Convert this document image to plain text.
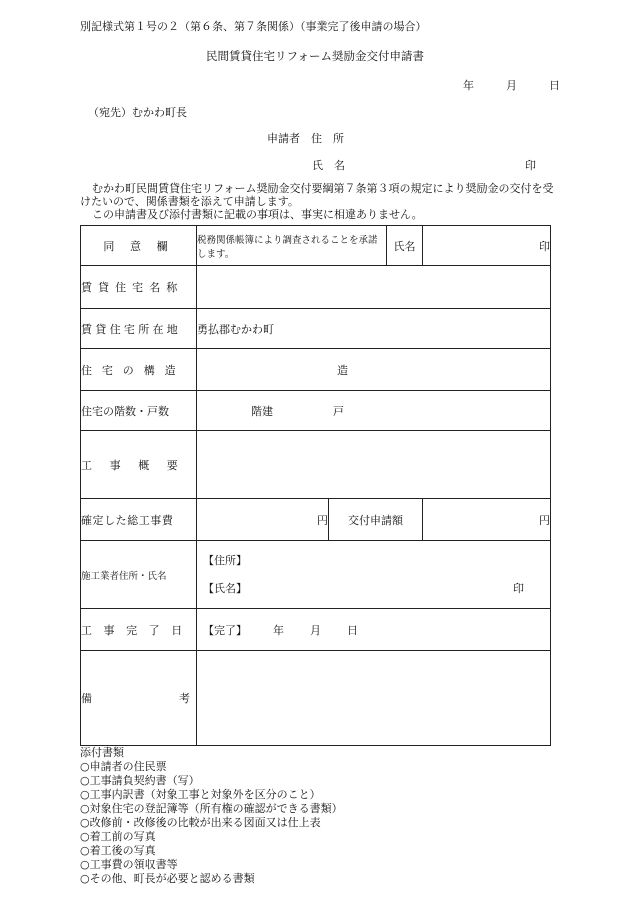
別記様式第１号の２（第６条、第７条関係）（事業完了後申請の場合）
民間賃貸住宅リフォーム奨励金交付申請書
年	月	日
（宛先）むかわ町長
申請者　住　所
氏　名	印

むかわ町民間賃貸住宅リフォーム奨励金交付要綱第７条第３項の規定により奨励金の交付を受けたいので、関係書類を添えて申請します。

この申請書及び添付書類に記載の事項は、事実に相違ありません。

同 意 欄	税務関係帳簿により調査されることを承諾します。		氏名	印
賃貸住宅名称				
賃貸住宅所在地	勇払郡むかわ町			
住宅の構造	造			
住宅の階数・戸数	階建 戸			
工事概要				
確定した総工事費	円	交付申請額		円
施工業者住所・氏名	【住所】
【氏名】 印			

工事完了日	【完了】 年 月 日			
備 考				

添付書類
○申請者の住民票
○工事請負契約書（写）
○工事内訳書（対象工事と対象外を区分のこと）
○対象住宅の登記簿等（所有権の確認ができる書類）
○改修前・改修後の比較が出来る図面又は仕上表
○着工前の写真
○着工後の写真
○工事費の領収書等
○その他、町長が必要と認める書類
